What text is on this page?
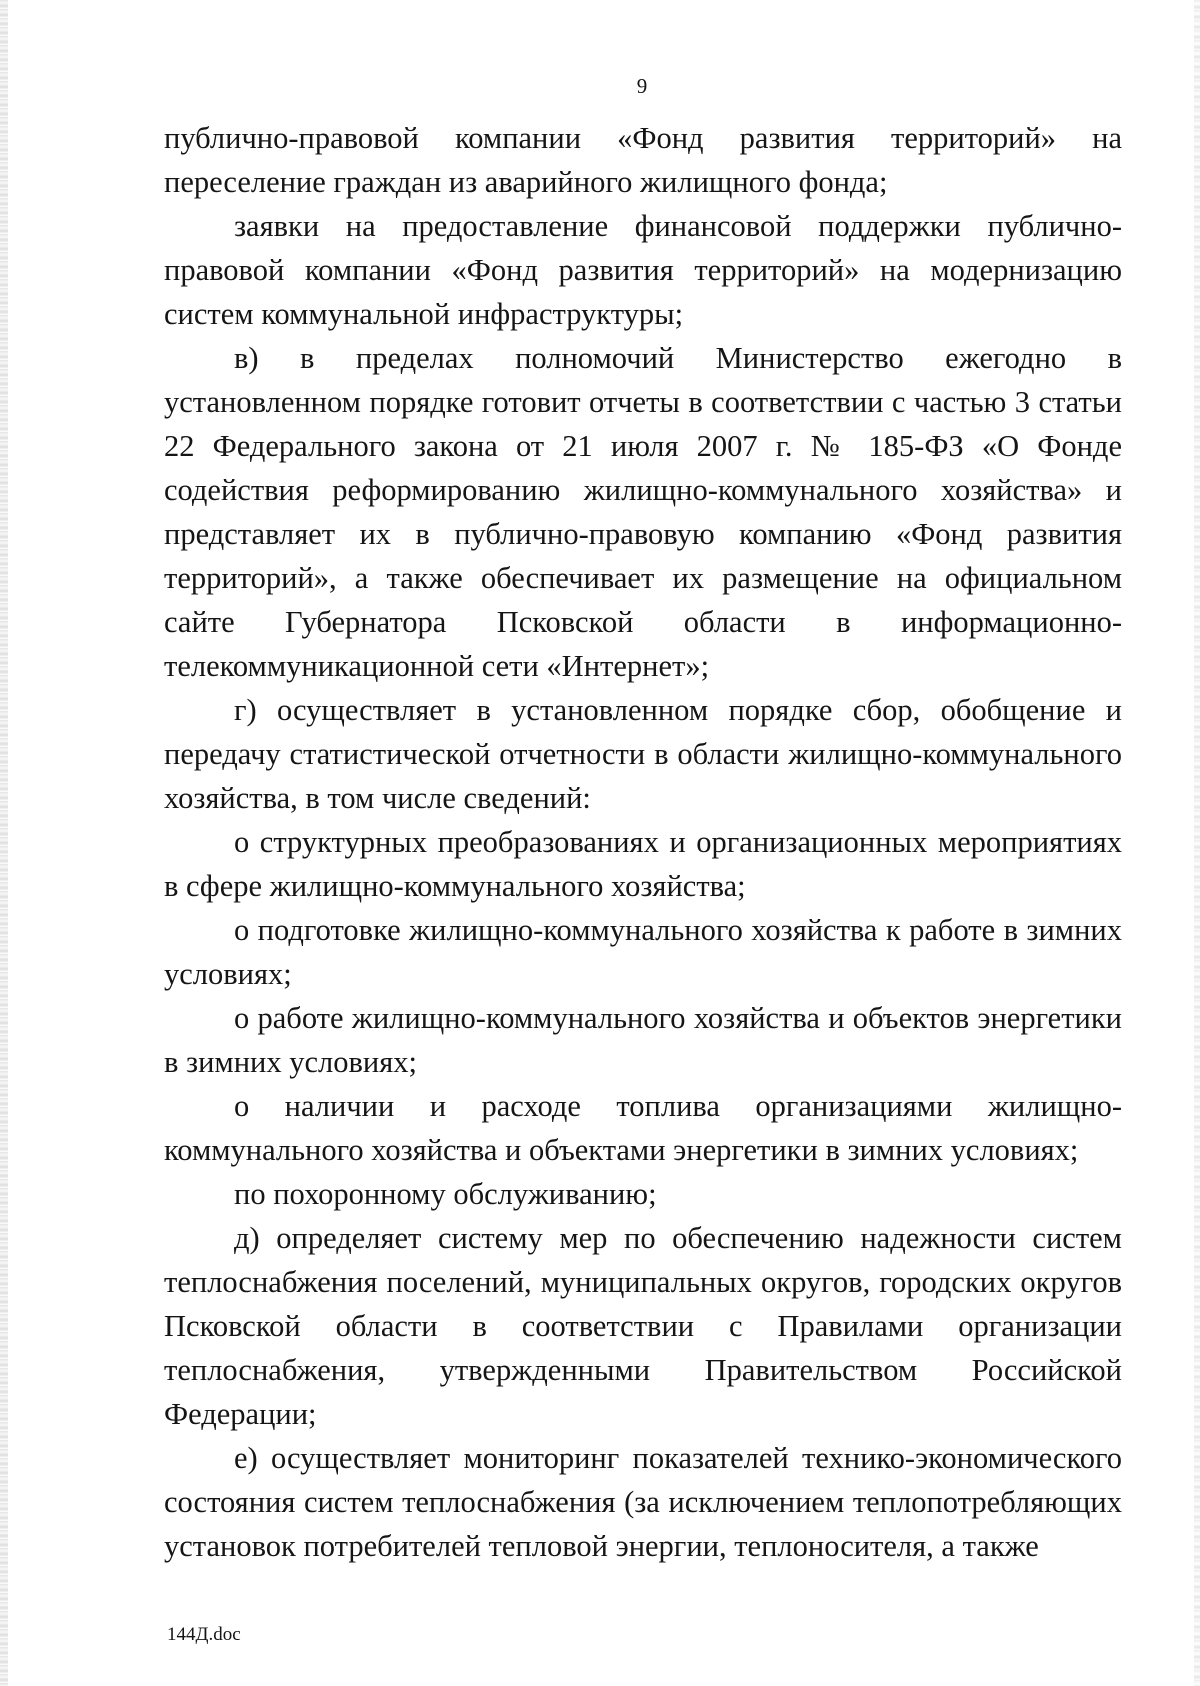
9

публично-правовой компании «Фонд развития территорий» на переселение граждан из аварийного жилищного фонда;

заявки на предоставление финансовой поддержки публично-правовой компании «Фонд развития территорий» на модернизацию систем коммунальной инфраструктуры;

в) в пределах полномочий Министерство ежегодно в установленном порядке готовит отчеты в соответствии с частью 3 статьи 22 Федерального закона от 21 июля 2007 г. № 185-ФЗ «О Фонде содействия реформированию жилищно-коммунального хозяйства» и представляет их в публично-правовую компанию «Фонд развития территорий», а также обеспечивает их размещение на официальном сайте Губернатора Псковской области в информационно-телекоммуникационной сети «Интернет»;

г) осуществляет в установленном порядке сбор, обобщение и передачу статистической отчетности в области жилищно-коммунального хозяйства, в том числе сведений:

о структурных преобразованиях и организационных мероприятиях в сфере жилищно-коммунального хозяйства;

о подготовке жилищно-коммунального хозяйства к работе в зимних условиях;

о работе жилищно-коммунального хозяйства и объектов энергетики в зимних условиях;

о наличии и расходе топлива организациями жилищно-коммунального хозяйства и объектами энергетики в зимних условиях;

по похоронному обслуживанию;

д) определяет систему мер по обеспечению надежности систем теплоснабжения поселений, муниципальных округов, городских округов Псковской области в соответствии с Правилами организации теплоснабжения, утвержденными Правительством Российской Федерации;

е) осуществляет мониторинг показателей технико-экономического состояния систем теплоснабжения (за исключением теплопотребляющих установок потребителей тепловой энергии, теплоносителя, а также

144Д.doc
